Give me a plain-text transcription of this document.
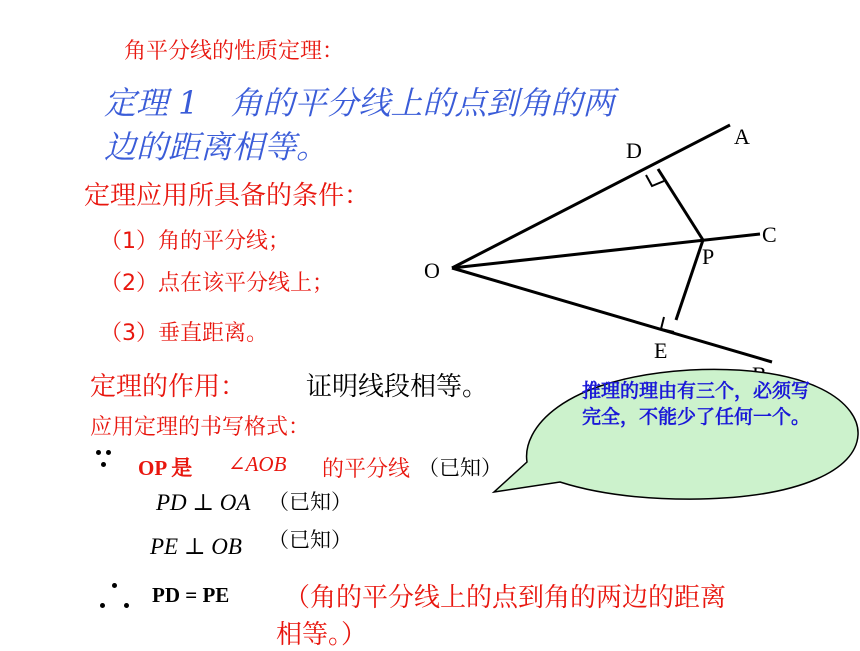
角平分线的性质定理：
定理 1　角的平分线上的点到角的两
边的距离相等。
定理应用所具备的条件：
（1）角的平分线；
（2）点在该平分线上；
（3）垂直距离。
定理的作用： 证明线段相等。
应用定理的书写格式：
OP 是 ∠AOB 的平分线 （已知）
PD ⊥ OA （已知）
PE ⊥ OB （已知）
PD = PE （角的平分线上的点到角的两边的距离
相等。）
O
A
C
D
E
P
推理的理由有三个，必须写完全，不能少了任何一个。
